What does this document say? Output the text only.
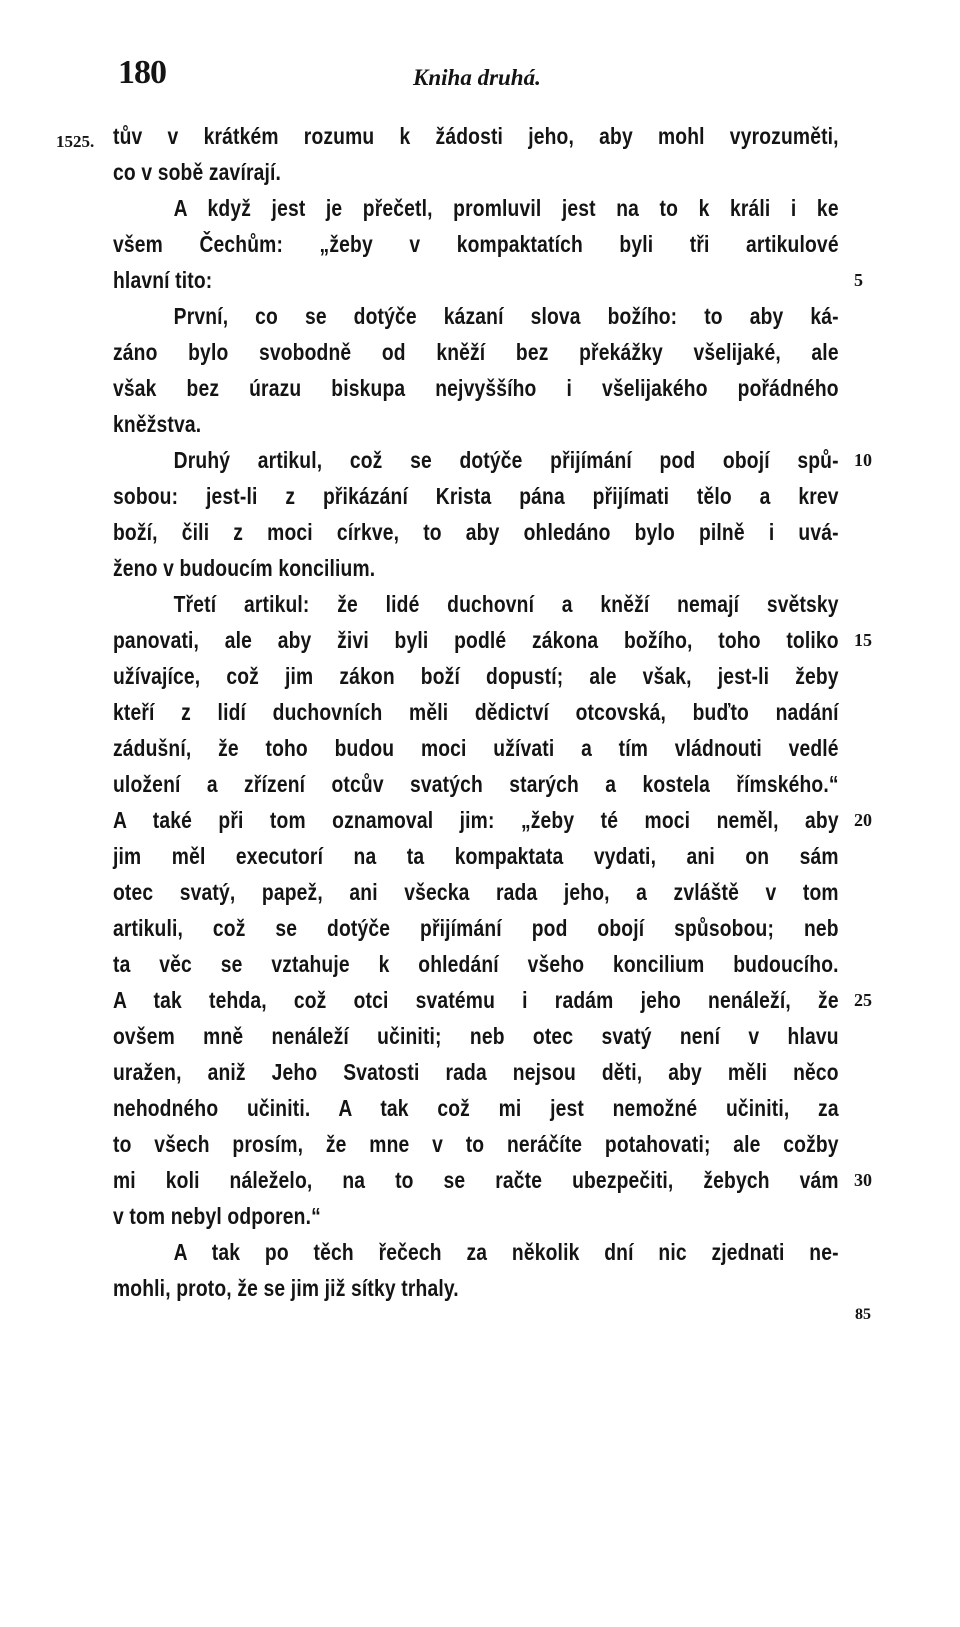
180	Kniha druhá.
1525. tův v krátkém rozumu k žádosti jeho, aby mohl vyrozuměti,
co v sobě zavírají.
A když jest je přečetl, promluvil jest na to k králi i ke
všem Čechům: „žeby v kompaktatích byli tři artikulové
hlavní tito:
První, co se dotýče kázaní slova božího: to aby ká-
záno bylo svobodně od kněží bez překážky všelijaké, ale
však bez úrazu biskupa nejvyššího i všelijakého pořádného
kněžstva.
Druhý artikul, což se dotýče přijímání pod obojí spů-
sobou: jest-li z přikázání Krista pána přijímati tělo a krev
boží, čili z moci církve, to aby ohledáno bylo pilně i uvá-
ženo v budoucím koncilium.
Třetí artikul: že lidé duchovní a kněží nemají světsky
panovati, ale aby živi byli podlé zákona božího, toho toliko
užívajíce, což jim zákon boží dopustí; ale však, jest-li žeby
kteří z lidí duchovních měli dědictví otcovská, buďto nadání
zádušní, že toho budou moci užívati a tím vládnouti vedlé
uložení a zřízení otcův svatých starých a kostela římského.“
A také při tom oznamoval jim: „žeby té moci neměl, aby
jim měl executorí na ta kompaktata vydati, ani on sám
otec svatý, papež, ani všecka rada jeho, a zvláště v tom
artikuli, což se dotýče přijímání pod obojí spůsobou; neb
ta věc se vztahuje k ohledání všeho koncilium budoucího.
A tak tehda, což otci svatému i radám jeho nenáleží, že
ovšem mně nenáleží učiniti; neb otec svatý není v hlavu
uražen, aniž Jeho Svatosti rada nejsou děti, aby měli něco
nehodného učiniti. A tak což mi jest nemožné učiniti, za
to všech prosím, že mne v to neráčíte potahovati; ale cožby
mi koli náleželo, na to se račte ubezpečiti, žebych vám
v tom nebyl odporen.“
A tak po těch řečech za několik dní nic zjednati ne-
mohli, proto, že se jim již sítky trhaly.
5
10
15
20
25
30
85
